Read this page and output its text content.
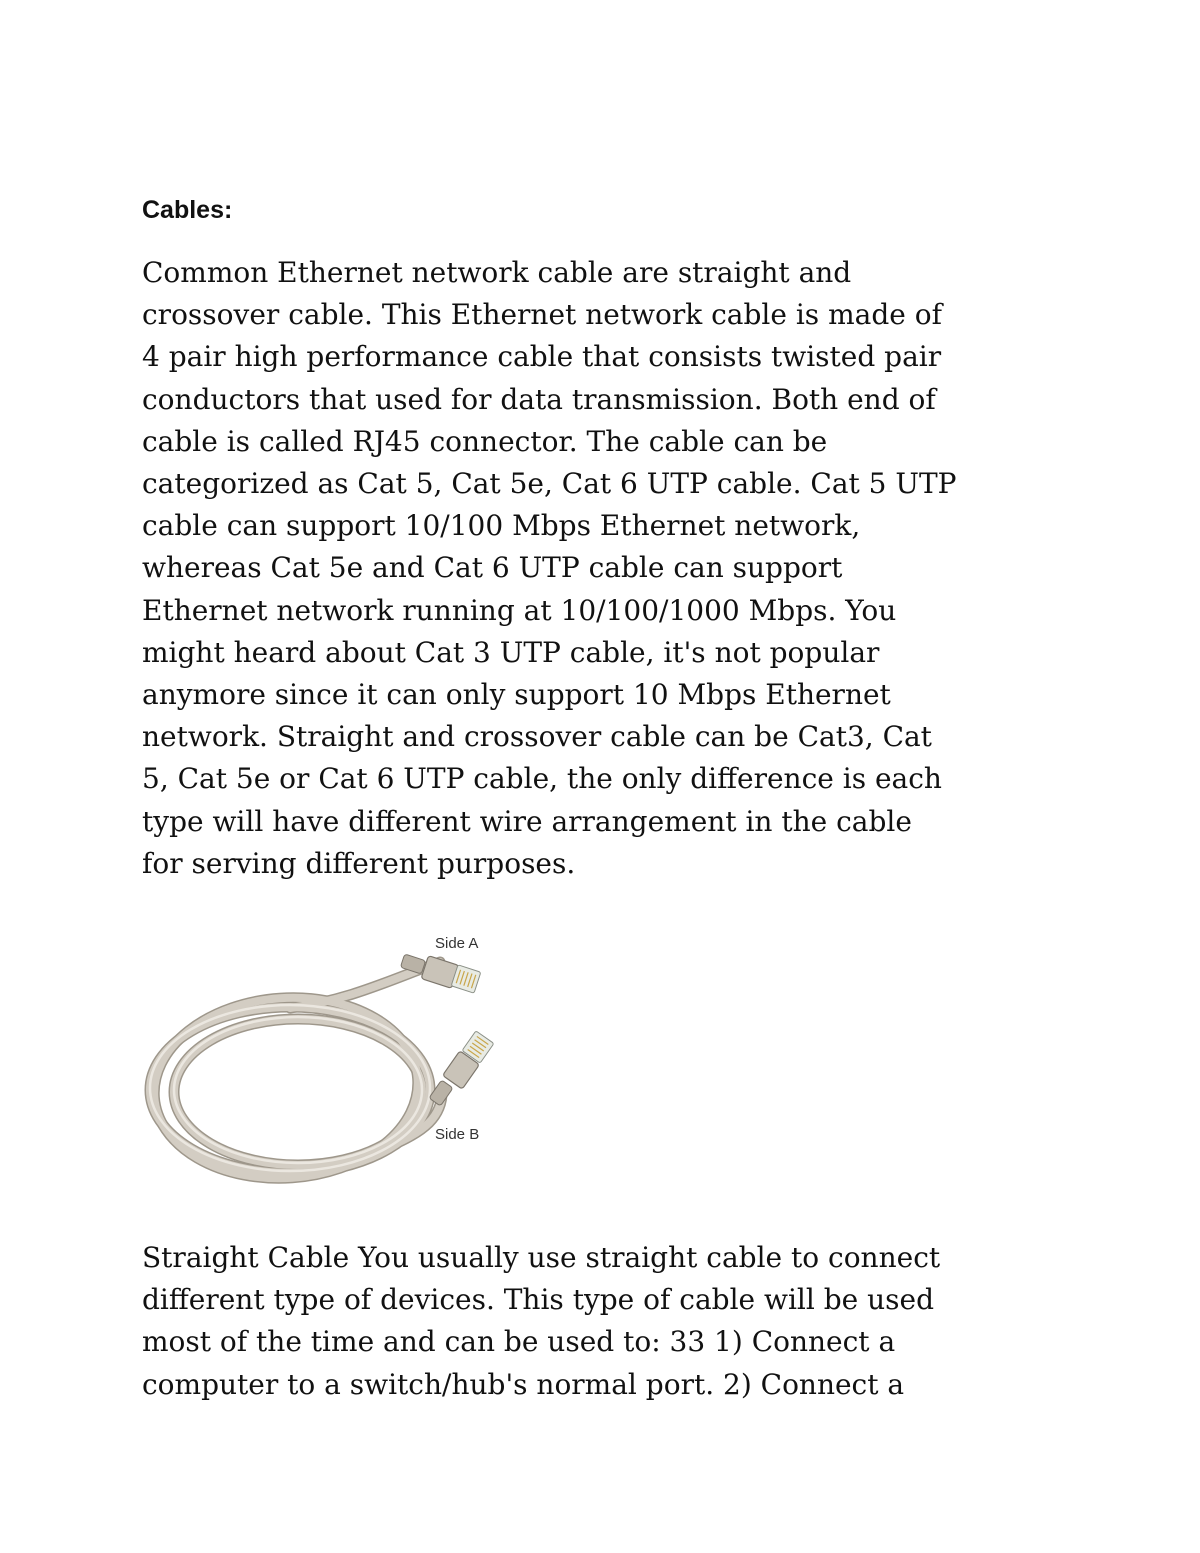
Cables:

Common Ethernet network cable are straight and
crossover cable. This Ethernet network cable is made of
4 pair high performance cable that consists twisted pair
conductors that used for data transmission. Both end of
cable is called RJ45 connector. The cable can be
categorized as Cat 5, Cat 5e, Cat 6 UTP cable. Cat 5 UTP
cable can support 10/100 Mbps Ethernet network,
whereas Cat 5e and Cat 6 UTP cable can support
Ethernet network running at 10/100/1000 Mbps. You
might heard about Cat 3 UTP cable, it's not popular
anymore since it can only support 10 Mbps Ethernet
network. Straight and crossover cable can be Cat3, Cat
5, Cat 5e or Cat 6 UTP cable, the only difference is each
type will have different wire arrangement in the cable
for serving different purposes.

Side A
Side B

Straight Cable You usually use straight cable to connect
different type of devices. This type of cable will be used
most of the time and can be used to: 33 1) Connect a
computer to a switch/hub's normal port. 2) Connect a
